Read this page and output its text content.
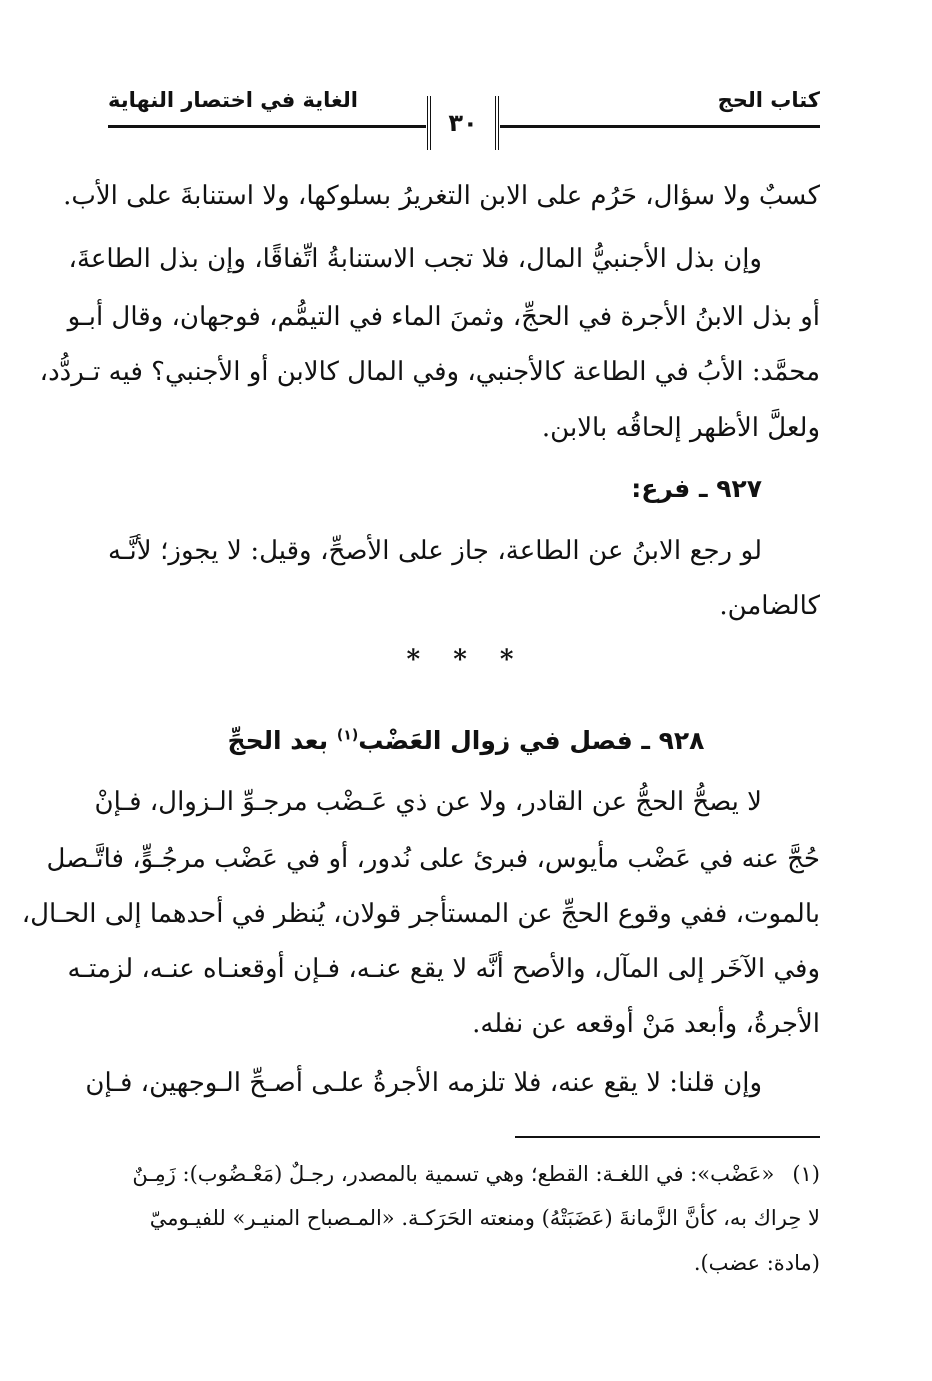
كتاب الحج
الغاية في اختصار النهاية
٣٠
كسبٌ ولا سؤال، حَرُم على الابن التغريرُ بسلوكها، ولا استنابةَ على الأب.
وإن بذل الأجنبيُّ المال، فلا تجب الاستنابةُ اتِّفاقًا، وإن بذل الطاعةَ،
أو بذل الابنُ الأجرة في الحجِّ، وثمنَ الماء في التيمُّم، فوجهان، وقال أبـو
محمَّد: الأبُ في الطاعة كالأجنبي، وفي المال كالابن أو الأجنبي؟ فيه تـردُّد،
ولعلَّ الأظهر إلحاقُه بالابن.
٩٢٧ ـ فرع:
لو رجع الابنُ عن الطاعة، جاز على الأصحِّ، وقيل: لا يجوز؛ لأنَّـه
كالضامن.
* * *
٩٢٨ ـ فصل في زوال العَضْب$^{(١)}$ بعد الحجِّ
لا يصحُّ الحجُّ عن القادر، ولا عن ذي عَـضْب مرجـوِّ الـزوال، فـإنْ
حُجَّ عنه في عَضْب مأيوس، فبرئ على نُدور، أو في عَضْب مرجُـوٍّ، فاتَّـصل
بالموت، ففي وقوع الحجِّ عن المستأجر قولان، يُنظر في أحدهما إلى الحـال،
وفي الآخَر إلى المآل، والأصح أنَّه لا يقع عنـه، فـإن أوقعنـاه عنـه، لزمتـه
الأجرةُ، وأبعد مَنْ أوقعه عن نفله.
وإن قلنا: لا يقع عنه، فلا تلزمه الأجرةُ علـى أصـحِّ الـوجهين، فـإن
(١)«عَضْب»: في اللغـة: القطع؛ وهي تسمية بالمصدر، رجـلٌ (مَعْـضُوب): زَمِـنٌ
لا حِراك به، كأنَّ الزَّمانةَ (عَضَبَتْهُ) ومنعته الحَرَكـة. «المـصباح المنيـر» للفيـوميّ
(مادة: عضب).
